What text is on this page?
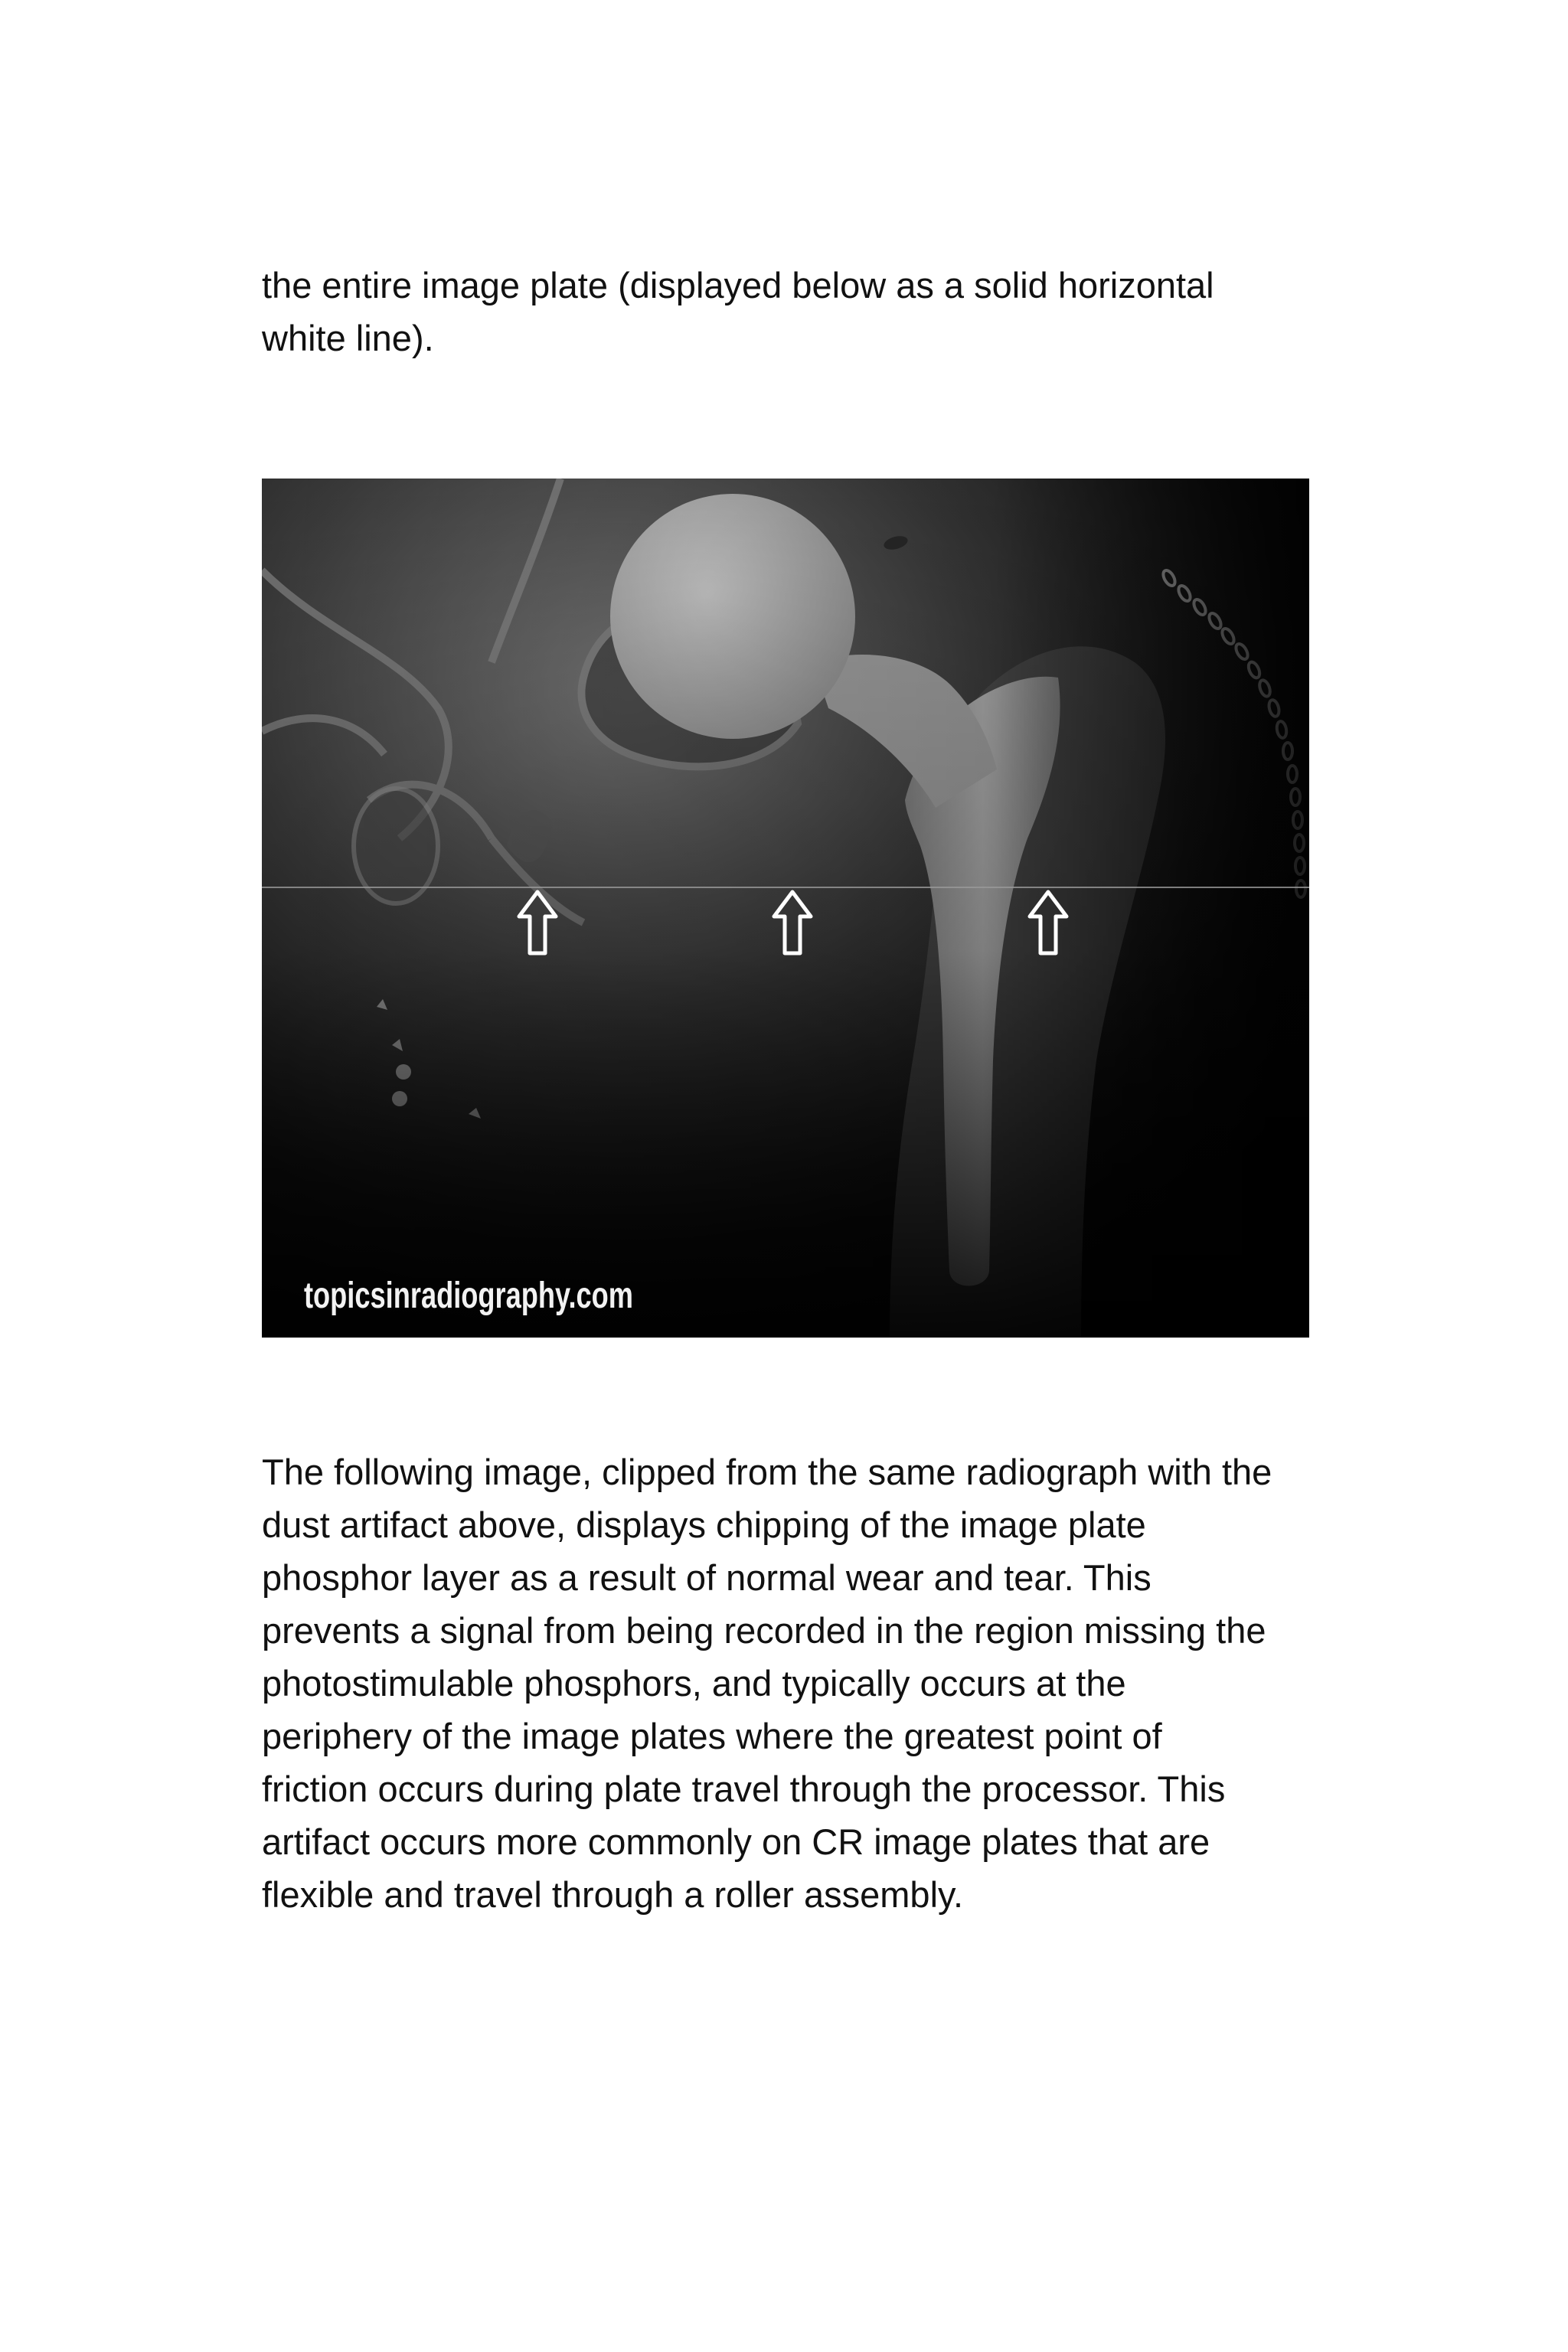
the entire image plate (displayed below as a solid horizontal
white line).

topicsinradiography.com

The following image, clipped from the same radiograph with the
dust artifact above, displays chipping of the image plate
phosphor layer as a result of normal wear and tear. This
prevents a signal from being recorded in the region missing the
photostimulable phosphors, and typically occurs at the
periphery of the image plates where the greatest point of
friction occurs during plate travel through the processor. This
artifact occurs more commonly on CR image plates that are
flexible and travel through a roller assembly.
